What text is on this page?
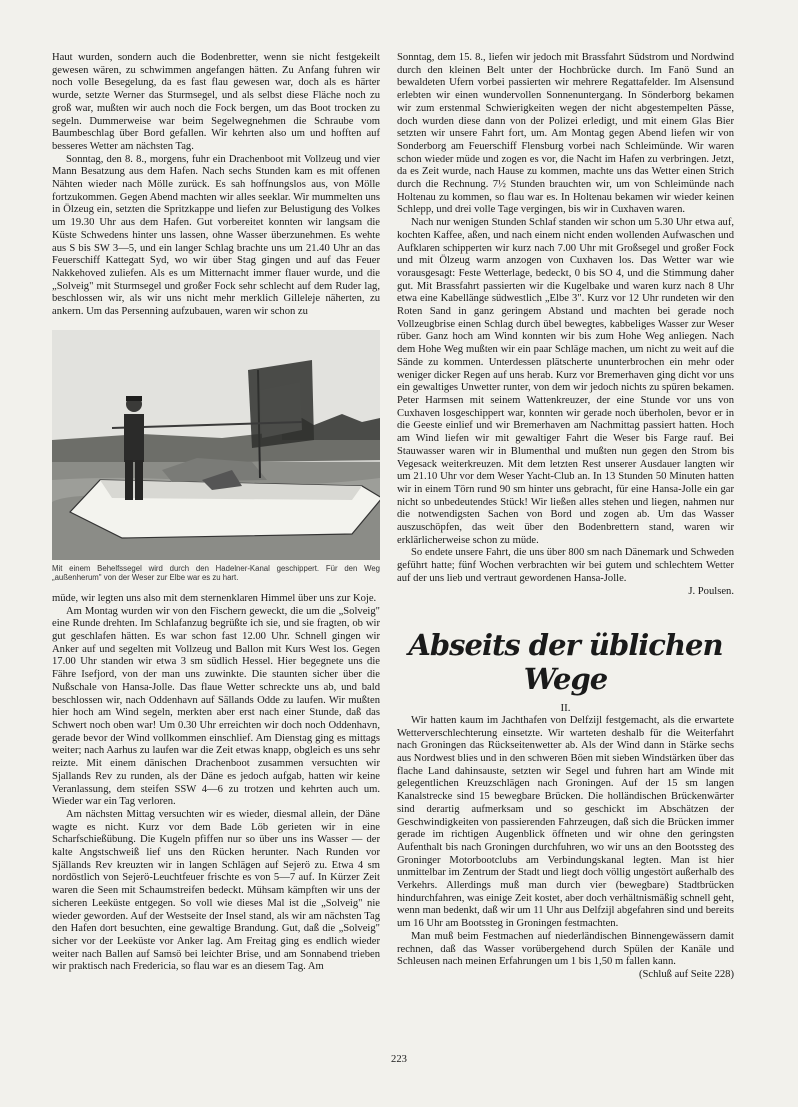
Haut wurden, sondern auch die Bodenbretter, wenn sie nicht festgekeilt gewesen wären, zu schwimmen angefangen hätten. Zu Anfang fuhren wir noch volle Besegelung, da es fast flau gewesen war, doch als es härter wurde, setzte Werner das Sturmsegel, und als selbst diese Fläche noch zu groß war, mußten wir auch noch die Fock bergen, um das Boot trocken zu segeln. Dummerweise war beim Segelwegnehmen die Schraube vom Baumbeschlag über Bord gefallen. Wir kehrten also um und hofften auf besseres Wetter am nächsten Tag.

Sonntag, den 8. 8., morgens, fuhr ein Drachenboot mit Vollzeug und vier Mann Besatzung aus dem Hafen. Nach sechs Stunden kam es mit offenen Nähten wieder nach Mölle zurück. Es sah hoffnungslos aus, von Mölle fortzukommen. Gegen Abend machten wir alles seeklar. Wir mummelten uns in Ölzeug ein, setzten die Spritzkappe und liefen zur Belustigung des Volkes um 19.30 Uhr aus dem Hafen. Gut vorbereitet konnten wir langsam die Küste Schwedens hinter uns lassen, ohne Wasser überzunehmen. Es wehte aus S bis SW 3—5, und ein langer Schlag brachte uns um 21.40 Uhr an das Feuerschiff Kattegatt Syd, wo wir über Stag gingen und auf das Feuer Nakkehoved zuliefen. Als es um Mitternacht immer flauer wurde, und die „Solveig" mit Sturmsegel und großer Fock sehr schlecht auf dem Ruder lag, beschlossen wir, als wir uns nicht mehr merklich Gilleleje näherten, zu ankern. Um das Persenning aufzubauen, waren wir schon zu

Mit einem Behelfssegel wird durch den Hadelner-Kanal geschippert. Für den Weg „außenherum" von der Weser zur Elbe war es zu hart.

müde, wir legten uns also mit dem sternenklaren Himmel über uns zur Koje.

Am Montag wurden wir von den Fischern geweckt, die um die „Solveig" eine Runde drehten. Im Schlafanzug begrüßte ich sie, und sie fragten, ob wir gut geschlafen hätten. Es war schon fast 12.00 Uhr. Schnell gingen wir Anker auf und segelten mit Vollzeug und Ballon mit Kurs West los. Gegen 17.00 Uhr standen wir etwa 3 sm südlich Hessel. Hier begegnete uns die Fähre Isefjord, von der man uns zuwinkte. Die staunten sicher über die Nußschale von Hansa-Jolle. Das flaue Wetter schreckte uns ab, und bald beschlossen wir, nach Oddenhavn auf Sällands Odde zu laufen. Wir mußten hier hoch am Wind segeln, merkten aber erst nach einer Stunde, daß das Schwert noch oben war! Um 0.30 Uhr erreichten wir doch noch Oddenhavn, gerade bevor der Wind vollkommen einschlief. Am Dienstag ging es mittags weiter; nach Aarhus zu laufen war die Zeit etwas knapp, obgleich es uns sehr reizte. Mit einem dänischen Drachenboot zusammen versuchten wir Sjallands Rev zu runden, als der Däne es jedoch aufgab, hatten wir keine Veranlassung, dem steifen SSW 4—6 zu trotzen und kehrten auch um. Wieder war ein Tag verloren.

Am nächsten Mittag versuchten wir es wieder, diesmal allein, der Däne wagte es nicht. Kurz vor dem Bade Löb gerieten wir in eine Scharfschießübung. Die Kugeln pfiffen nur so über uns ins Wasser — der kalte Angstschweiß lief uns den Rücken herunter. Nach Runden vor Själlands Rev kreuzten wir in langen Schlägen auf Sejerö zu. Etwa 4 sm nordöstlich von Sejerö-Leuchtfeuer frischte es von 5—7 auf. In Kürzer Zeit waren die Seen mit Schaumstreifen bedeckt. Mühsam kämpften wir uns der sicheren Leeküste entgegen. So voll wie dieses Mal ist die „Solveig" nie wieder geworden. Auf der Westseite der Insel stand, als wir am nächsten Tag den Hafen dort besuchten, eine gewaltige Brandung. Gut, daß die „Solveig" sicher vor der Leeküste vor Anker lag. Am Freitag ging es endlich wieder weiter nach Ballen auf Samsö bei leichter Brise, und am Sonnabend trieben wir praktisch nach Fredericia, so flau war es an diesem Tag. Am

Sonntag, dem 15. 8., liefen wir jedoch mit Brassfahrt Südstrom und Nordwind durch den kleinen Belt unter der Hochbrücke durch. Im Fanö Sund an bewaldeten Ufern vorbei passierten wir mehrere Regattafelder. Im Alsensund erlebten wir einen wundervollen Sonnenuntergang. In Sönderborg bekamen wir zum erstenmal Schwierigkeiten wegen der nicht abgestempelten Pässe, doch wurden diese dann von der Polizei erledigt, und mit einem Glas Bier setzten wir unsere Fahrt fort, um. Am Montag gegen Abend liefen wir von Sonderborg am Feuerschiff Flensburg vorbei nach Schleimünde. Wir waren schon wieder müde und zogen es vor, die Nacht im Hafen zu verbringen. Jetzt, da es Zeit wurde, nach Hause zu kommen, machte uns das Wetter einen Strich durch die Rechnung. 7½ Stunden brauchten wir, um von Schleimünde nach Holtenau zu kommen, so flau war es. In Holtenau bekamen wir wieder keinen Schlepp, und drei volle Tage vergingen, bis wir in Cuxhaven waren.

Nach nur wenigen Stunden Schlaf standen wir schon um 5.30 Uhr etwa auf, kochten Kaffee, aßen, und nach einem nicht enden wollenden Aufwaschen und Aufklaren schipperten wir kurz nach 7.00 Uhr mit Großsegel und großer Fock und mit Ölzeug warm anzogen von Cuxhaven los. Das Wetter war wie vorausgesagt: Feste Wetterlage, bedeckt, 0 bis SO 4, und die Stimmung daher gut. Mit Brassfahrt passierten wir die Kugelbake und waren kurz nach 8 Uhr etwa eine Kabellänge südwestlich „Elbe 3". Kurz vor 12 Uhr rundeten wir den Roten Sand in ganz geringem Abstand und machten bei gerade noch Vollzeugbrise einen Schlag durch übel bewegtes, kabbeliges Wasser zur Weser rüber. Ganz hoch am Wind konnten wir bis zum Hohe Weg anliegen. Nach dem Hohe Weg mußten wir ein paar Schläge machen, um nicht zu weit auf die Sände zu kommen. Unterdessen plätscherte ununterbrochen ein mehr oder weniger dicker Regen auf uns herab. Kurz vor Bremerhaven ging dicht vor uns ein gewaltiges Unwetter runter, von dem wir jedoch nichts zu spüren bekamen. Peter Harmsen mit seinem Wattenkreuzer, der eine Stunde vor uns von Cuxhaven losgeschippert war, konnten wir gerade noch überholen, bevor er in die Geeste einlief und wir Bremerhaven am Nachmittag passiert hatten. Hoch am Wind liefen wir mit gewaltiger Fahrt die Weser bis Farge rauf. Bei Stauwasser waren wir in Blumenthal und mußten nun gegen den Strom bis Vegesack weiterkreuzen. Mit dem letzten Rest unserer Ausdauer langten wir um 21.10 Uhr vor dem Weser Yacht-Club an. In 13 Stunden 50 Minuten hatten wir in einem Törn rund 90 sm hinter uns gebracht, für eine Hansa-Jolle ein gar nicht so unbedeutendes Stück! Wir ließen alles stehen und liegen, nahmen nur die notwendigsten Sachen von Bord und zogen ab. Um das Wasser auszuschöpfen, das weit über den Bodenbrettern stand, waren wir erklärlicherweise schon zu müde.

So endete unsere Fahrt, die uns über 800 sm nach Dänemark und Schweden geführt hatte; fünf Wochen verbrachten wir bei gutem und schlechtem Wetter auf der uns lieb und vertraut gewordenen Hansa-Jolle.

J. Poulsen.
Abseits der üblichen Wege

II.

Wir hatten kaum im Jachthafen von Delfzijl festgemacht, als die erwartete Wetterverschlechterung einsetzte. Wir warteten deshalb für die Weiterfahrt nach Groningen das Rückseitenwetter ab. Als der Wind dann in Stärke sechs aus Nordwest blies und in den schweren Böen mit sieben Windstärken über das flache Land dahinsauste, setzten wir Segel und fuhren hart am Winde mit gelegentlichen Kreuzschlägen nach Groningen. Auf der 15 sm langen Kanalstrecke sind 15 bewegbare Brücken. Die holländischen Brückenwärter sind derartig aufmerksam und so geschickt im Abschätzen der Geschwindigkeiten von passierenden Fahrzeugen, daß sich die Brücken immer gerade im richtigen Augenblick öffneten und wir ohne den geringsten Aufenthalt bis nach Groningen durchfuhren, wo wir uns an den Bootssteg des Groninger Motorbootclubs am Verbindungskanal legten. Man ist hier unmittelbar im Zentrum der Stadt und liegt doch völlig ungestört außerhalb des Verkehrs. Allerdings muß man durch vier (bewegbare) Stadtbrücken hindurchfahren, was einige Zeit kostet, aber doch verhältnismäßig schnell geht, wenn man bedenkt, daß wir um 11 Uhr aus Delfzijl abgefahren sind und bereits um 16 Uhr am Bootssteg in Groningen festmachten.

Man muß beim Festmachen auf niederländischen Binnengewässern damit rechnen, daß das Wasser vorübergehend durch Spülen der Kanäle und Schleusen nach meinen Erfahrungen um 1 bis 1,50 m fallen kann.

(Schluß auf Seite 228)

223
